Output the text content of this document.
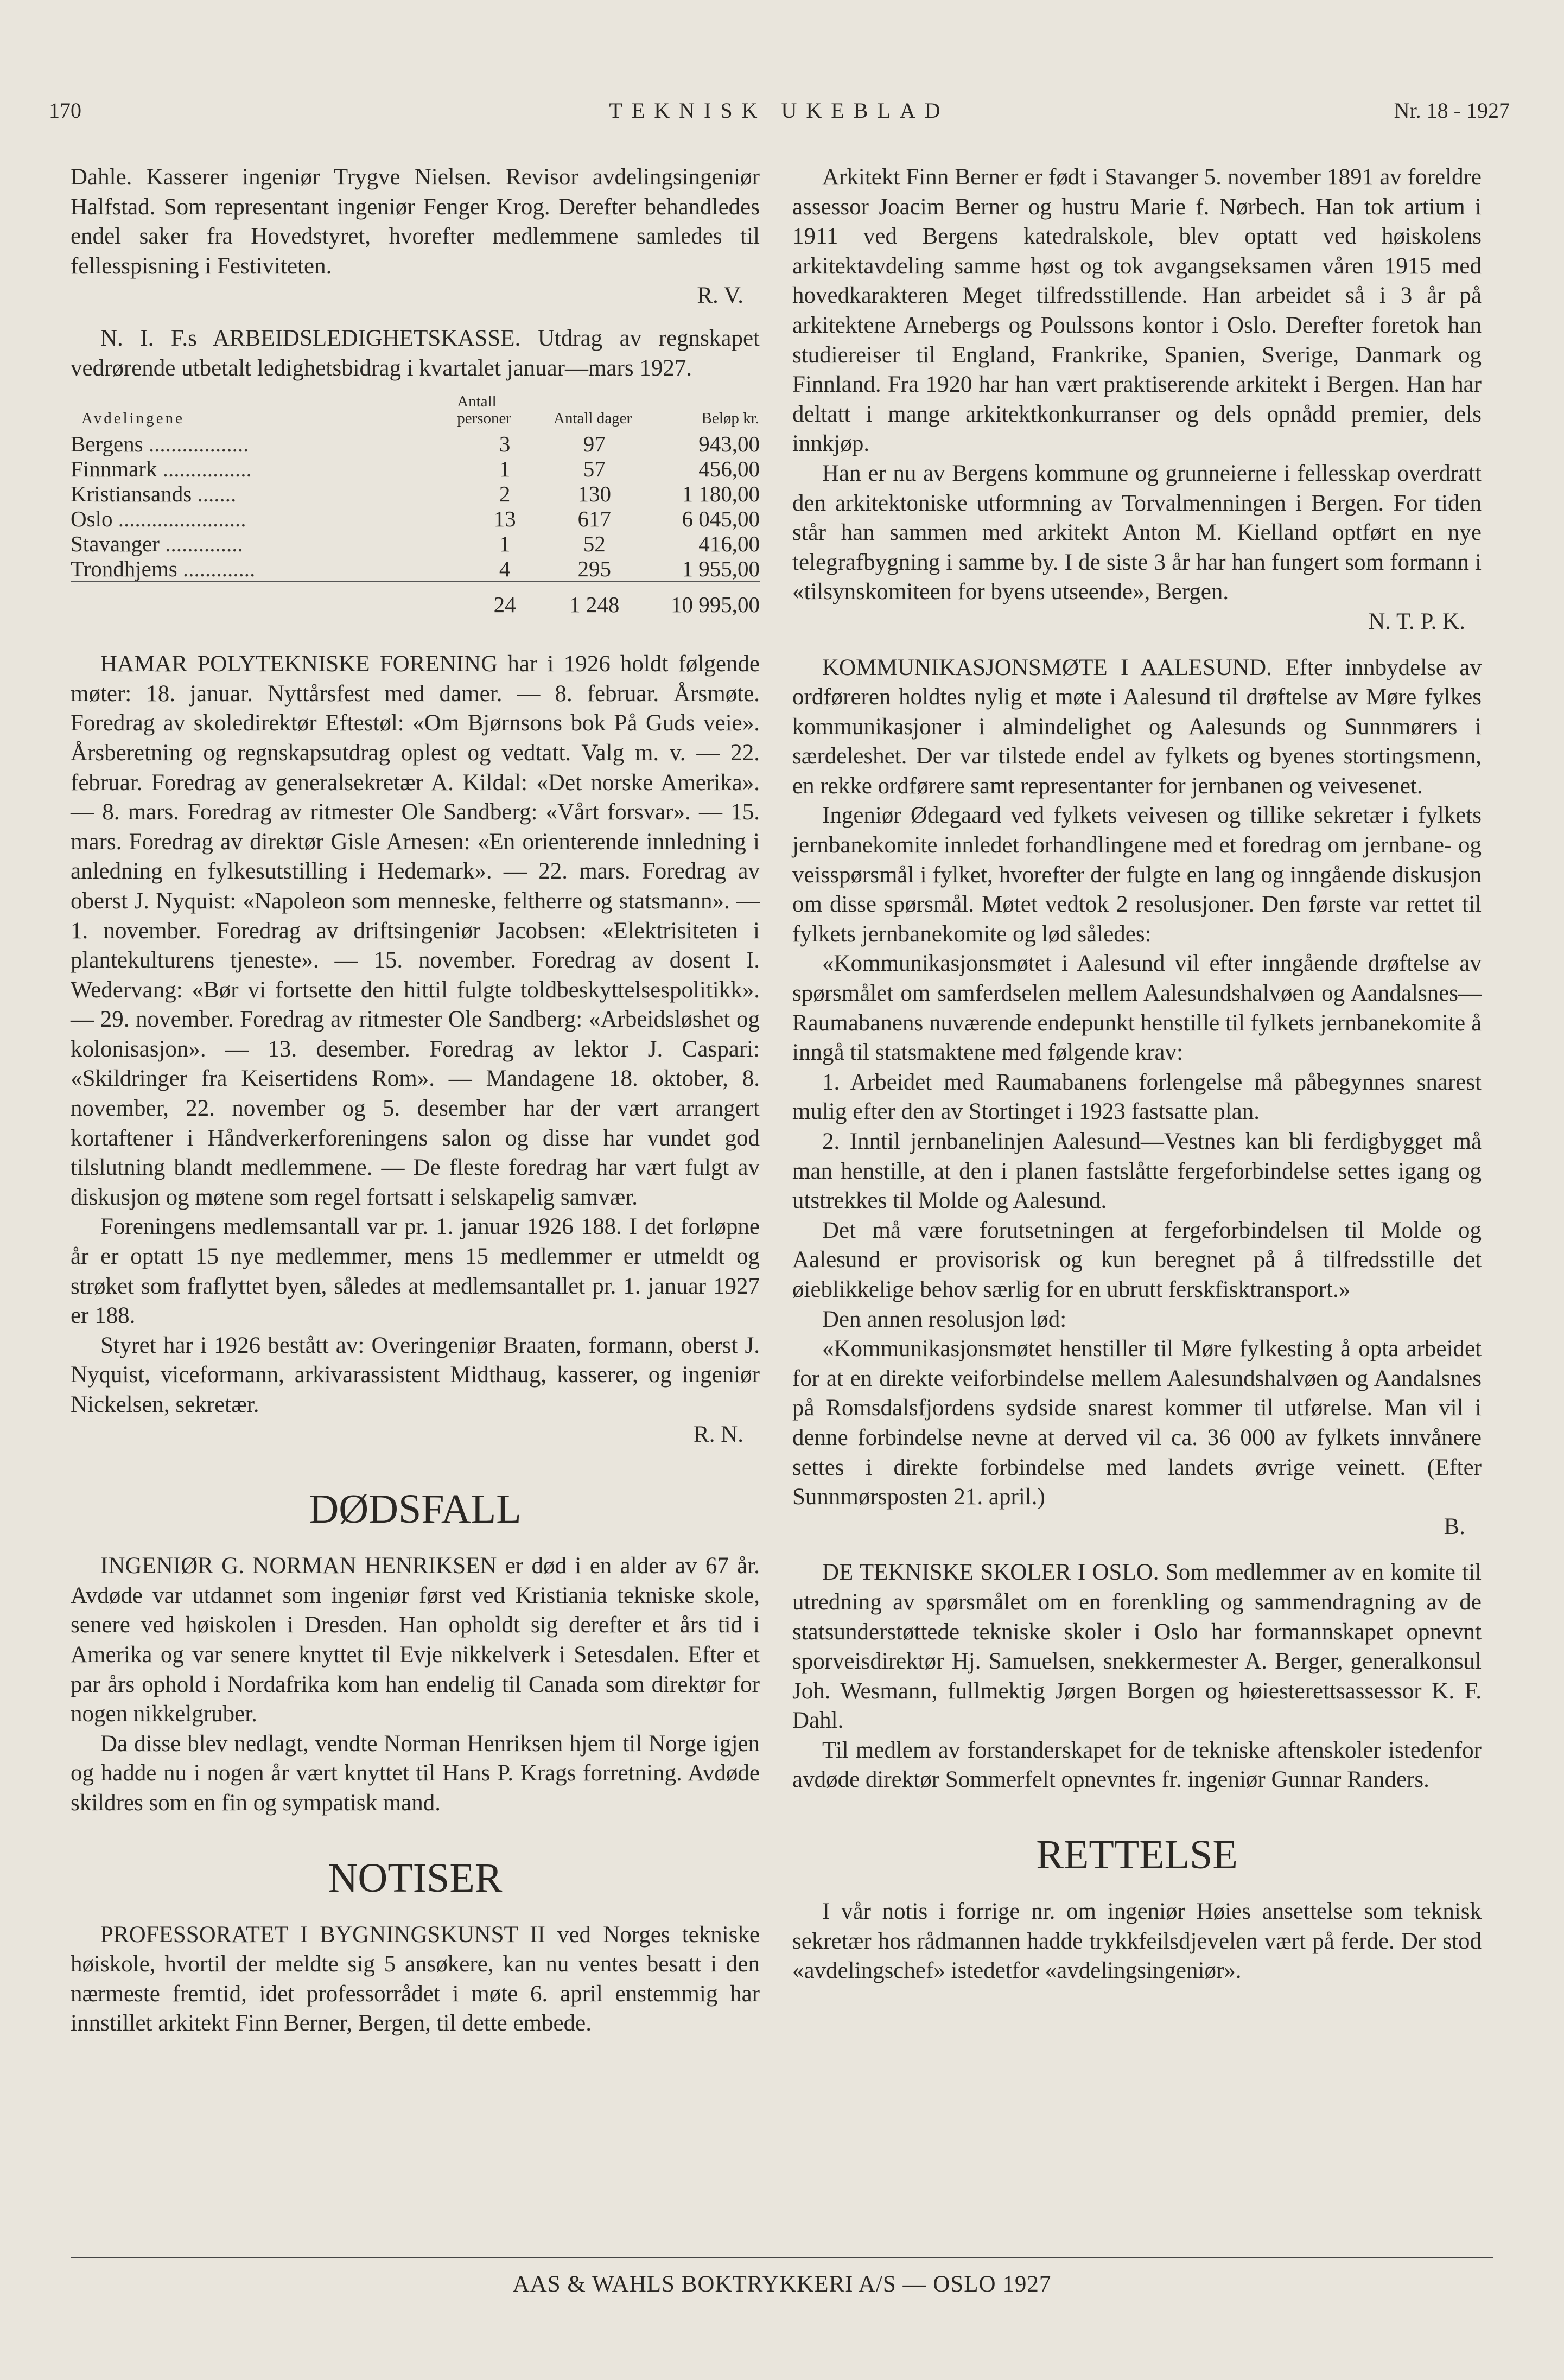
170	TEKNISK UKEBLAD	Nr. 18 - 1927

Dahle. Kasserer ingeniør Trygve Nielsen. Revisor avdelingsingeniør Halfstad. Som representant ingeniør Fenger Krog. Derefter behandledes endel saker fra Hovedstyret, hvorefter medlemmene samledes til fellesspisning i Festiviteten.

R. V.

N. I. F.s ARBEIDSLEDIGHETSKASSE. Utdrag av regnskapet vedrørende utbetalt ledighetsbidrag i kvartalet januar—mars 1927.

Avdelingene	Antall personer	Antall dager	Beløp kr.
Bergens ..................	3	97	943,00
Finnmark ................	1	57	456,00
Kristiansands .......	2	130	1 180,00
Oslo .......................	13	617	6 045,00
Stavanger ..............	1	52	416,00
Trondhjems .............	4	295	1 955,00
	24	1 248	10 995,00

HAMAR POLYTEKNISKE FORENING har i 1926 holdt følgende møter: 18. januar. Nyttårsfest med damer. — 8. februar. Årsmøte. Foredrag av skoledirektør Eftestøl: «Om Bjørnsons bok På Guds veie». Årsberetning og regnskapsutdrag oplest og vedtatt. Valg m. v. — 22. februar. Foredrag av generalsekretær A. Kildal: «Det norske Amerika». — 8. mars. Foredrag av ritmester Ole Sandberg: «Vårt forsvar». — 15. mars. Foredrag av direktør Gisle Arnesen: «En orienterende innledning i anledning en fylkesutstilling i Hedemark». — 22. mars. Foredrag av oberst J. Nyquist: «Napoleon som menneske, feltherre og statsmann». — 1. november. Foredrag av driftsingeniør Jacobsen: «Elektrisiteten i plantekulturens tjeneste». — 15. november. Foredrag av dosent I. Wedervang: «Bør vi fortsette den hittil fulgte toldbeskyttelsespolitikk». — 29. november. Foredrag av ritmester Ole Sandberg: «Arbeidsløshet og kolonisasjon». — 13. desember. Foredrag av lektor J. Caspari: «Skildringer fra Keisertidens Rom». — Mandagene 18. oktober, 8. november, 22. november og 5. desember har der vært arrangert kortaftener i Håndverkerforeningens salon og disse har vundet god tilslutning blandt medlemmene. — De fleste foredrag har vært fulgt av diskusjon og møtene som regel fortsatt i selskapelig samvær.

Foreningens medlemsantall var pr. 1. januar 1926 188. I det forløpne år er optatt 15 nye medlemmer, mens 15 medlemmer er utmeldt og strøket som fraflyttet byen, således at medlemsantallet pr. 1. januar 1927 er 188.

Styret har i 1926 bestått av: Overingeniør Braaten, formann, oberst J. Nyquist, viceformann, arkivarassistent Midthaug, kasserer, og ingeniør Nickelsen, sekretær.

R. N.

DØDSFALL

INGENIØR G. NORMAN HENRIKSEN er død i en alder av 67 år. Avdøde var utdannet som ingeniør først ved Kristiania tekniske skole, senere ved høiskolen i Dresden. Han opholdt sig derefter et års tid i Amerika og var senere knyttet til Evje nikkelverk i Setesdalen. Efter et par års ophold i Nordafrika kom han endelig til Canada som direktør for nogen nikkelgruber.

Da disse blev nedlagt, vendte Norman Henriksen hjem til Norge igjen og hadde nu i nogen år vært knyttet til Hans P. Krags forretning. Avdøde skildres som en fin og sympatisk mand.

NOTISER

PROFESSORATET I BYGNINGSKUNST II ved Norges tekniske høiskole, hvortil der meldte sig 5 ansøkere, kan nu ventes besatt i den nærmeste fremtid, idet professorrådet i møte 6. april enstemmig har innstillet arkitekt Finn Berner, Bergen, til dette embede.

Arkitekt Finn Berner er født i Stavanger 5. november 1891 av foreldre assessor Joacim Berner og hustru Marie f. Nørbech. Han tok artium i 1911 ved Bergens katedralskole, blev optatt ved høiskolens arkitektavdeling samme høst og tok avgangseksamen våren 1915 med hovedkarakteren Meget tilfredsstillende. Han arbeidet så i 3 år på arkitektene Arnebergs og Poulssons kontor i Oslo. Derefter foretok han studiereiser til England, Frankrike, Spanien, Sverige, Danmark og Finnland. Fra 1920 har han vært praktiserende arkitekt i Bergen. Han har deltatt i mange arkitektkonkurranser og dels opnådd premier, dels innkjøp.

Han er nu av Bergens kommune og grunneierne i fellesskap overdratt den arkitektoniske utformning av Torvalmenningen i Bergen. For tiden står han sammen med arkitekt Anton M. Kielland optført en nye telegrafbygning i samme by. I de siste 3 år har han fungert som formann i «tilsynskomiteen for byens utseende», Bergen.

N. T. P. K.

KOMMUNIKASJONSMØTE I AALESUND. Efter innbydelse av ordføreren holdtes nylig et møte i Aalesund til drøftelse av Møre fylkes kommunikasjoner i almindelighet og Aalesunds og Sunnmørers i særdeleshet. Der var tilstede endel av fylkets og byenes stortingsmenn, en rekke ordførere samt representanter for jernbanen og veivesenet.

Ingeniør Ødegaard ved fylkets veivesen og tillike sekretær i fylkets jernbanekomite innledet forhandlingene med et foredrag om jernbane- og veisspørsmål i fylket, hvorefter der fulgte en lang og inngående diskusjon om disse spørsmål. Møtet vedtok 2 resolusjoner. Den første var rettet til fylkets jernbanekomite og lød således:

«Kommunikasjonsmøtet i Aalesund vil efter inngående drøftelse av spørsmålet om samferdselen mellem Aalesundshalvøen og Aandalsnes—Raumabanens nuværende endepunkt henstille til fylkets jernbanekomite å inngå til statsmaktene med følgende krav:

1. Arbeidet med Raumabanens forlengelse må påbegynnes snarest mulig efter den av Stortinget i 1923 fastsatte plan.

2. Inntil jernbanelinjen Aalesund—Vestnes kan bli ferdigbygget må man henstille, at den i planen fastslåtte fergeforbindelse settes igang og utstrekkes til Molde og Aalesund.

Det må være forutsetningen at fergeforbindelsen til Molde og Aalesund er provisorisk og kun beregnet på å tilfredsstille det øieblikkelige behov særlig for en ubrutt ferskfisktransport.»

Den annen resolusjon lød:

«Kommunikasjonsmøtet henstiller til Møre fylkesting å opta arbeidet for at en direkte veiforbindelse mellem Aalesundshalvøen og Aandalsnes på Romsdalsfjordens sydside snarest kommer til utførelse. Man vil i denne forbindelse nevne at derved vil ca. 36 000 av fylkets innvånere settes i direkte forbindelse med landets øvrige veinett. (Efter Sunnmørsposten 21. april.)

B.

DE TEKNISKE SKOLER I OSLO. Som medlemmer av en komite til utredning av spørsmålet om en forenkling og sammendragning av de statsunderstøttede tekniske skoler i Oslo har formannskapet opnevnt sporveisdirektør Hj. Samuelsen, snekkermester A. Berger, generalkonsul Joh. Wesmann, fullmektig Jørgen Borgen og høiesterettsassessor K. F. Dahl.

Til medlem av forstanderskapet for de tekniske aftenskoler istedenfor avdøde direktør Sommerfelt opnevntes fr. ingeniør Gunnar Randers.

RETTELSE

I vår notis i forrige nr. om ingeniør Høies ansettelse som teknisk sekretær hos rådmannen hadde trykkfeilsdjevelen vært på ferde. Der stod «avdelingschef» istedetfor «avdelingsingeniør».

AAS & WAHLS BOKTRYKKERI A/S — OSLO 1927
